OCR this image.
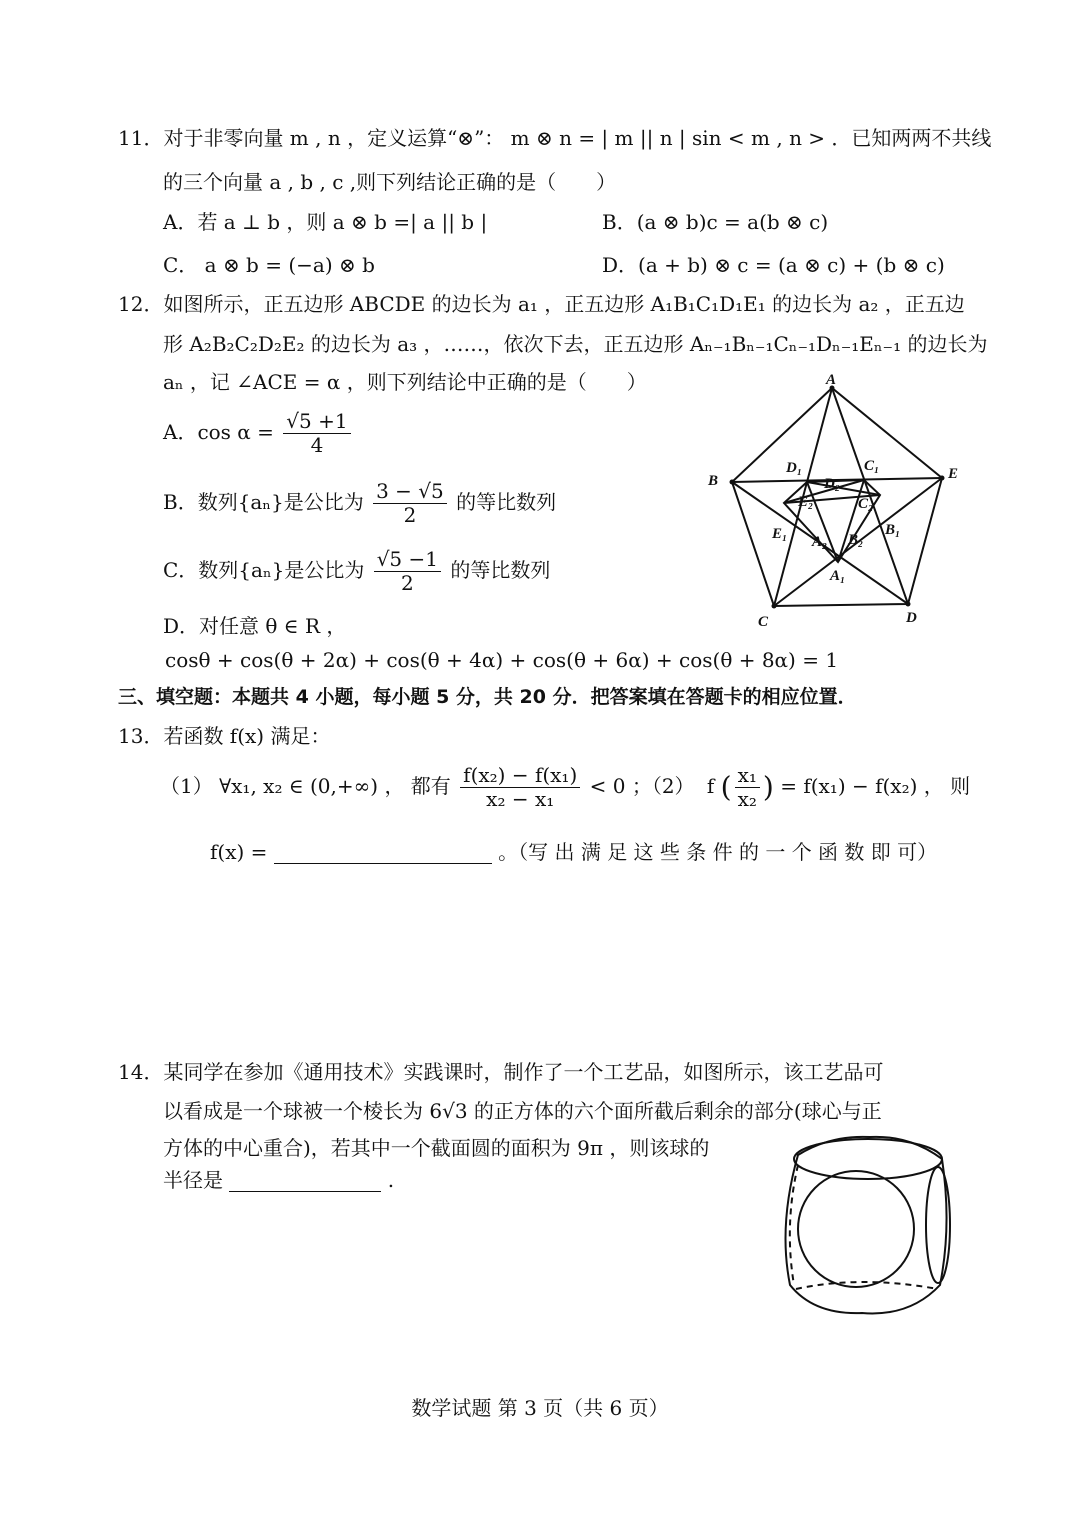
11．对于非零向量 m , n ，定义运算“⊗”： m ⊗ n = | m || n | sin < m , n > ．已知两两不共线
的三个向量 a , b , c ,则下列结论正确的是（　　）
A．若 a ⊥ b ，则 a ⊗ b =| a || b |	B．(a ⊗ b)c = a(b ⊗ c)
C． a ⊗ b = (−a) ⊗ b	D．(a + b) ⊗ c = (a ⊗ c) + (b ⊗ c)
12．如图所示，正五边形 ABCDE 的边长为 a₁ ，正五边形 A₁B₁C₁D₁E₁ 的边长为 a₂ ，正五边
形 A₂B₂C₂D₂E₂ 的边长为 a₃ ，……，依次下去，正五边形 Aₙ₋₁Bₙ₋₁Cₙ₋₁Dₙ₋₁Eₙ₋₁ 的边长为
aₙ ，记 ∠ACE = α ，则下列结论中正确的是（　　）
A．$\cos \alpha = \frac{√5 +1}{4}$
B．数列{aₙ}是公比为 $\frac{3 - √5}{2}$ 的等比数列
C．数列{aₙ}是公比为 $\frac{√5 -1}{2}$ 的等比数列
D．对任意 θ ∈ R ，
cosθ + cos(θ + 2α) + cos(θ + 4α) + cos(θ + 6α) + cos(θ + 8α) = 1
A
B
C	D
E
A₁
B₁
C₁
D₁
E₁ A₂ B₂
C₂
D₂
E₂
三、填空题：本题共 4 小题，每小题 5 分，共 20 分．把答案填在答题卡的相应位置．
13．若函数 f(x) 满足：
（1） ∀x₁, x₂ ∈ (0,+∞) ， 都有 $\frac{\text{f(x₂) − f(x₁)}}{\text{x₂ − x₁}} < 0$ ；（2） f ( $\frac{\text{x₁}}{\text{x₂}}$ ) = f(x₁) − f(x₂) ， 则
f(x) =	。（写 出 满 足 这 些 条 件 的 一 个 函 数 即 可）
14．某同学在参加《通用技术》实践课时，制作了一个工艺品，如图所示，该工艺品可
以看成是一个球被一个棱长为 6√3 的正方体的六个面所截后剩余的部分(球心与正
方体的中心重合)，若其中一个截面圆的面积为 9π ，则该球的
半径是	.
数学试题 第 3 页（共 6 页）
